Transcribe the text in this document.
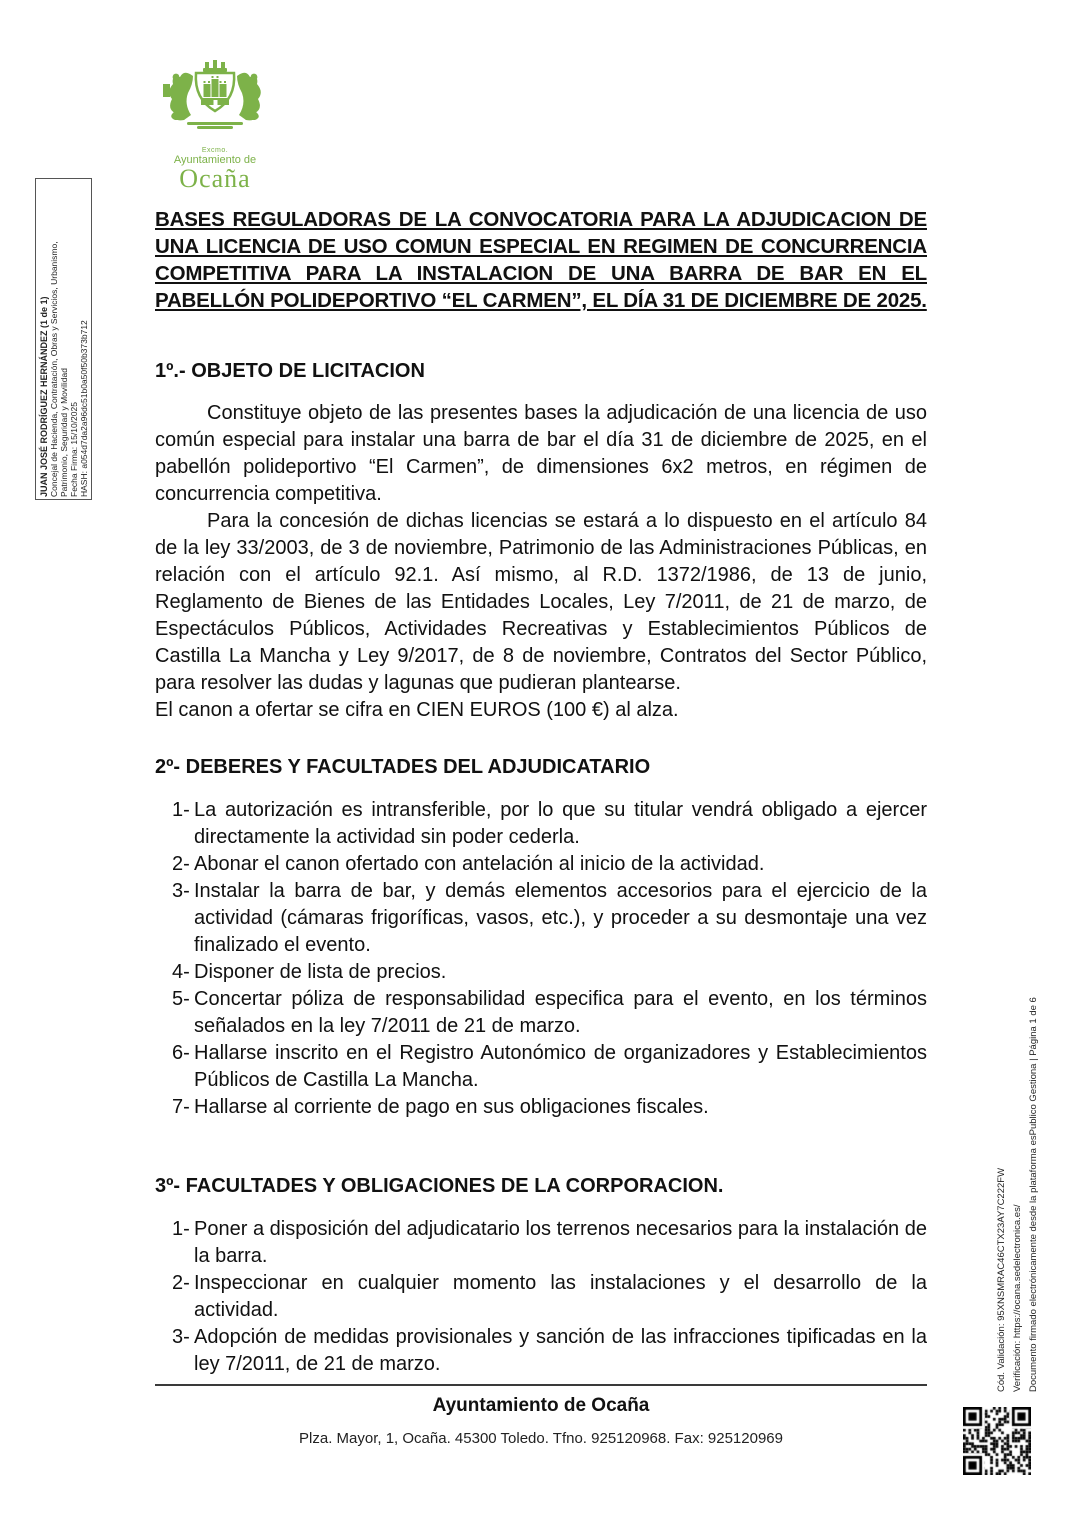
JUAN JOSÉ RODRÍGUEZ HERNÁNDEZ (1 de 1) Concejal de Hacienda, Contratación, Obras y Servicios, Urbanismo, Patrimonio, Seguridad y Movilidad Fecha Firma: 15/10/2025 HASH: a054d7da2a96dc51b0a50f50b373b712
Excmo.
Ayuntamiento de
Ocaña
BASES REGULADORAS DE LA CONVOCATORIA PARA LA ADJUDICACION DE UNA LICENCIA DE USO COMUN ESPECIAL EN REGIMEN DE CONCURRENCIA COMPETITIVA PARA LA INSTALACION DE UNA BARRA DE BAR EN EL PABELLÓN POLIDEPORTIVO “EL CARMEN”, EL DÍA 31 DE DICIEMBRE DE 2025.
1º.- OBJETO DE LICITACION

Constituye objeto de las presentes bases la adjudicación de una licencia de uso común especial para instalar una barra de bar el día 31 de diciembre de 2025, en el pabellón polideportivo “El Carmen”, de dimensiones 6x2 metros, en régimen de concurrencia competitiva.

Para la concesión de dichas licencias se estará a lo dispuesto en el artículo 84 de la ley 33/2003, de 3 de noviembre, Patrimonio de las Administraciones Públicas, en relación con el artículo 92.1. Así mismo, al R.D. 1372/1986, de 13 de junio, Reglamento de Bienes de las Entidades Locales, Ley 7/2011, de 21 de marzo, de Espectáculos Públicos, Actividades Recreativas y Establecimientos Públicos de Castilla La Mancha y Ley 9/2017, de 8 de noviembre, Contratos del Sector Público, para resolver las dudas y lagunas que pudieran plantearse.

El canon a ofertar se cifra en CIEN EUROS (100 €) al alza.

2º- DEBERES Y FACULTADES DEL ADJUDICATARIO
1- La autorización es intransferible, por lo que su titular vendrá obligado a ejercer directamente la actividad sin poder cederla.
2- Abonar el canon ofertado con antelación al inicio de la actividad.
3- Instalar la barra de bar, y demás elementos accesorios para el ejercicio de la actividad (cámaras frigoríficas, vasos, etc.), y proceder a su desmontaje una vez finalizado el evento.
4- Disponer de lista de precios.
5- Concertar póliza de responsabilidad especifica para el evento, en los términos señalados en la ley 7/2011 de 21 de marzo.
6- Hallarse inscrito en el Registro Autonómico de organizadores y Establecimientos Públicos de Castilla La Mancha.
7- Hallarse al corriente de pago en sus obligaciones fiscales.
3º- FACULTADES Y OBLIGACIONES DE LA CORPORACION.
1- Poner a disposición del adjudicatario los terrenos necesarios para la instalación de la barra.
2- Inspeccionar en cualquier momento las instalaciones y el desarrollo de la actividad.
3- Adopción de medidas provisionales y sanción de las infracciones tipificadas en la ley 7/2011, de 21 de marzo.
Ayuntamiento de Ocaña
Plza. Mayor, 1, Ocaña. 45300 Toledo. Tfno. 925120968. Fax: 925120969
Cód. Validación: 95XNSMRAC46CTX23AY7C222FW Verificación: https://ocana.sedelectronica.es/ Documento firmado electrónicamente desde la plataforma esPublico Gestiona | Página 1 de 6
